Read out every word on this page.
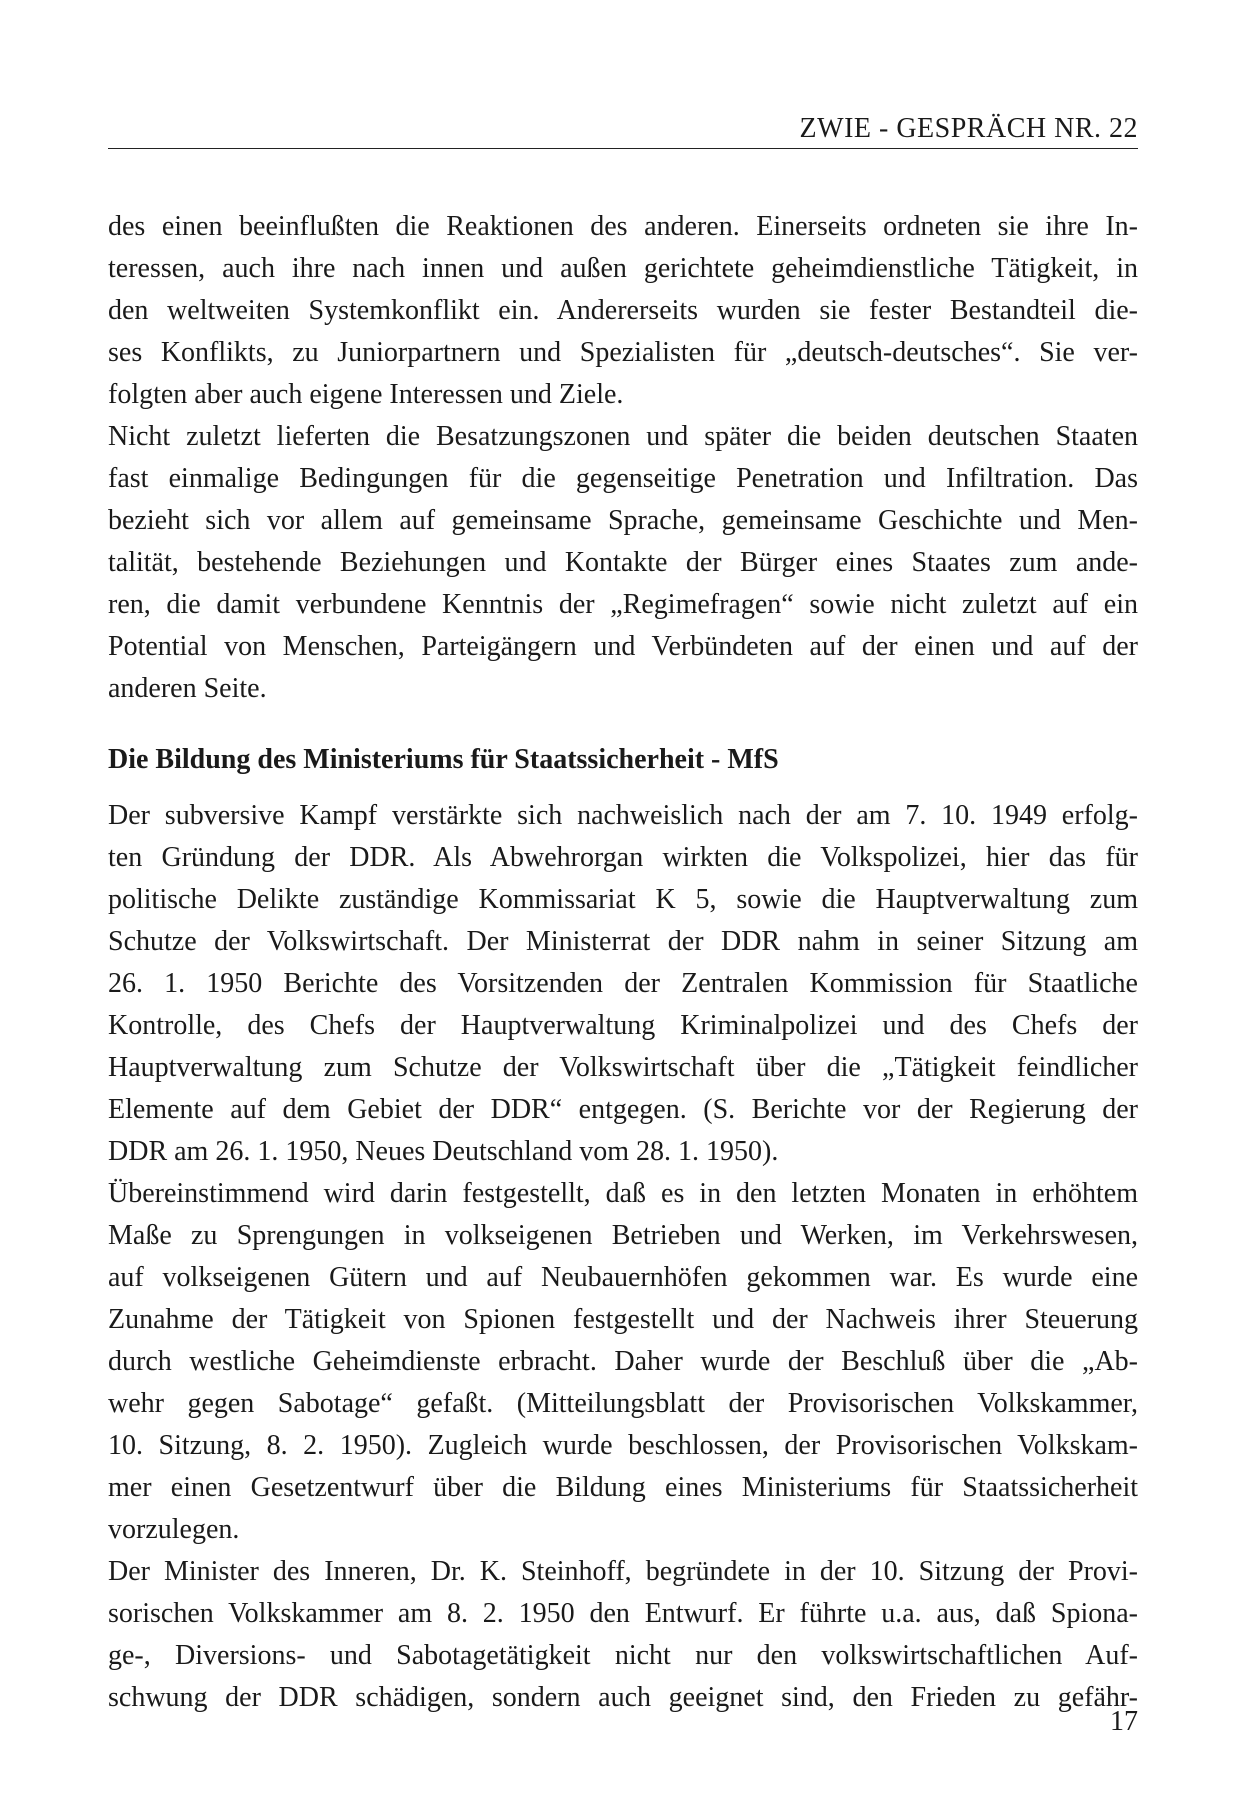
ZWIE - GESPRÄCH NR. 22
des einen beeinflußten die Reaktionen des anderen. Einerseits ordneten sie ihre In-
teressen, auch ihre nach innen und außen gerichtete geheimdienstliche Tätigkeit, in
den weltweiten Systemkonflikt ein. Andererseits wurden sie fester Bestandteil die-
ses Konflikts, zu Juniorpartnern und Spezialisten für „deutsch-deutsches“. Sie ver-
folgten aber auch eigene Interessen und Ziele.
Nicht zuletzt lieferten die Besatzungszonen und später die beiden deutschen Staaten
fast einmalige Bedingungen für die gegenseitige Penetration und Infiltration. Das
bezieht sich vor allem auf gemeinsame Sprache, gemeinsame Geschichte und Men-
talität, bestehende Beziehungen und Kontakte der Bürger eines Staates zum ande-
ren, die damit verbundene Kenntnis der „Regimefragen“ sowie nicht zuletzt auf ein
Potential von Menschen, Parteigängern und Verbündeten auf der einen und auf der
anderen Seite.
Die Bildung des Ministeriums für Staatssicherheit - MfS
Der subversive Kampf verstärkte sich nachweislich nach der am 7. 10. 1949 erfolg-
ten Gründung der DDR. Als Abwehrorgan wirkten die Volkspolizei, hier das für
politische Delikte zuständige Kommissariat K 5, sowie die Hauptverwaltung zum
Schutze der Volkswirtschaft. Der Ministerrat der DDR nahm in seiner Sitzung am
26. 1. 1950 Berichte des Vorsitzenden der Zentralen Kommission für Staatliche
Kontrolle, des Chefs der Hauptverwaltung Kriminalpolizei und des Chefs der
Hauptverwaltung zum Schutze der Volkswirtschaft über die „Tätigkeit feindlicher
Elemente auf dem Gebiet der DDR“ entgegen. (S. Berichte vor der Regierung der
DDR am 26. 1. 1950, Neues Deutschland vom 28. 1. 1950).
Übereinstimmend wird darin festgestellt, daß es in den letzten Monaten in erhöhtem
Maße zu Sprengungen in volkseigenen Betrieben und Werken, im Verkehrswesen,
auf volkseigenen Gütern und auf Neubauernhöfen gekommen war. Es wurde eine
Zunahme der Tätigkeit von Spionen festgestellt und der Nachweis ihrer Steuerung
durch westliche Geheimdienste erbracht. Daher wurde der Beschluß über die „Ab-
wehr gegen Sabotage“ gefaßt. (Mitteilungsblatt der Provisorischen Volkskammer,
10. Sitzung, 8. 2. 1950). Zugleich wurde beschlossen, der Provisorischen Volkskam-
mer einen Gesetzentwurf über die Bildung eines Ministeriums für Staatssicherheit
vorzulegen.
Der Minister des Inneren, Dr. K. Steinhoff, begründete in der 10. Sitzung der Provi-
sorischen Volkskammer am 8. 2. 1950 den Entwurf. Er führte u.a. aus, daß Spiona-
ge-, Diversions- und Sabotagetätigkeit nicht nur den volkswirtschaftlichen Auf-
schwung der DDR schädigen, sondern auch geeignet sind, den Frieden zu gefähr-
17
